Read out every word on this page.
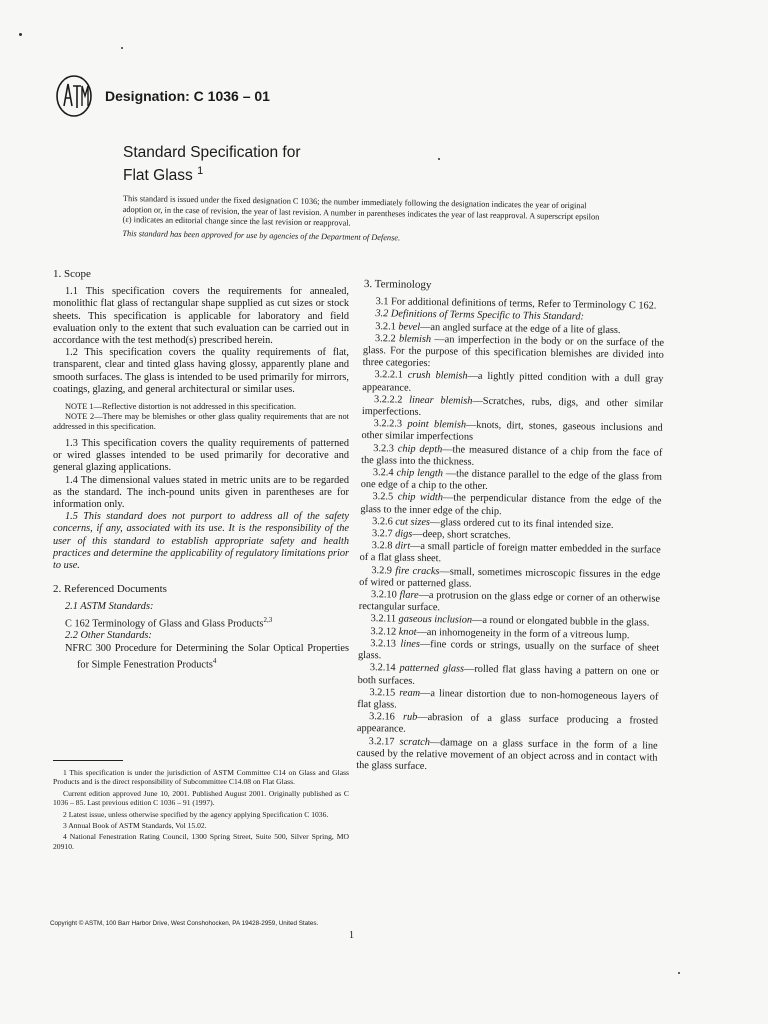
Designation: C 1036 – 01
Standard Specification for
Flat Glass $^1$

This standard is issued under the fixed designation C 1036; the number immediately following the designation indicates the year of original adoption or, in the case of revision, the year of last revision. A number in parentheses indicates the year of last reapproval. A superscript epsilon (ε) indicates an editorial change since the last revision or reapproval.

This standard has been approved for use by agencies of the Department of Defense.

1. Scope

1.1 This specification covers the requirements for annealed, monolithic flat glass of rectangular shape supplied as cut sizes or stock sheets. This specification is applicable for laboratory and field evaluation only to the extent that such evaluation can be carried out in accordance with the test method(s) prescribed herein.

1.2 This specification covers the quality requirements of flat, transparent, clear and tinted glass having glossy, apparently plane and smooth surfaces. The glass is intended to be used primarily for mirrors, coatings, glazing, and general architectural or similar uses.

NOTE 1—Reflective distortion is not addressed in this specification.

NOTE 2—There may be blemishes or other glass quality requirements that are not addressed in this specification.

1.3 This specification covers the quality requirements of patterned or wired glasses intended to be used primarily for decorative and general glazing applications.

1.4 The dimensional values stated in metric units are to be regarded as the standard. The inch-pound units given in parentheses are for information only.

1.5 This standard does not purport to address all of the safety concerns, if any, associated with its use. It is the responsibility of the user of this standard to establish appropriate safety and health practices and determine the applicability of regulatory limitations prior to use.

2. Referenced Documents

2.1 ASTM Standards:

C 162 Terminology of Glass and Glass Products$^{2,3}$

2.2 Other Standards:

NFRC 300 Procedure for Determining the Solar Optical Properties for Simple Fenestration Products$^4$

1 This specification is under the jurisdiction of ASTM Committee C14 on Glass and Glass Products and is the direct responsibility of Subcommittee C14.08 on Flat Glass.

Current edition approved June 10, 2001. Published August 2001. Originally published as C 1036 – 85. Last previous edition C 1036 – 91 (1997).

2 Latest issue, unless otherwise specified by the agency applying Specification C 1036.

3 Annual Book of ASTM Standards, Vol 15.02.

4 National Fenestration Rating Council, 1300 Spring Street, Suite 500, Silver Spring, MO 20910.

3. Terminology

3.1 For additional definitions of terms, Refer to Terminology C 162.

3.2 Definitions of Terms Specific to This Standard:

3.2.1 bevel—an angled surface at the edge of a lite of glass.

3.2.2 blemish —an imperfection in the body or on the surface of the glass. For the purpose of this specification blemishes are divided into three categories:

3.2.2.1 crush blemish—a lightly pitted condition with a dull gray appearance.

3.2.2.2 linear blemish—Scratches, rubs, digs, and other similar imperfections.

3.2.2.3 point blemish—knots, dirt, stones, gaseous inclusions and other similar imperfections

3.2.3 chip depth—the measured distance of a chip from the face of the glass into the thickness.

3.2.4 chip length —the distance parallel to the edge of the glass from one edge of a chip to the other.

3.2.5 chip width—the perpendicular distance from the edge of the glass to the inner edge of the chip.

3.2.6 cut sizes—glass ordered cut to its final intended size.

3.2.7 digs—deep, short scratches.

3.2.8 dirt—a small particle of foreign matter embedded in the surface of a flat glass sheet.

3.2.9 fire cracks—small, sometimes microscopic fissures in the edge of wired or patterned glass.

3.2.10 flare—a protrusion on the glass edge or corner of an otherwise rectangular surface.

3.2.11 gaseous inclusion—a round or elongated bubble in the glass.

3.2.12 knot—an inhomogeneity in the form of a vitreous lump.

3.2.13 lines—fine cords or strings, usually on the surface of sheet glass.

3.2.14 patterned glass—rolled flat glass having a pattern on one or both surfaces.

3.2.15 ream—a linear distortion due to non-homogeneous layers of flat glass.

3.2.16 rub—abrasion of a glass surface producing a frosted appearance.

3.2.17 scratch—damage on a glass surface in the form of a line caused by the relative movement of an object across and in contact with the glass surface.

Copyright © ASTM, 100 Barr Harbor Drive, West Conshohocken, PA 19428-2959, United States.
1
